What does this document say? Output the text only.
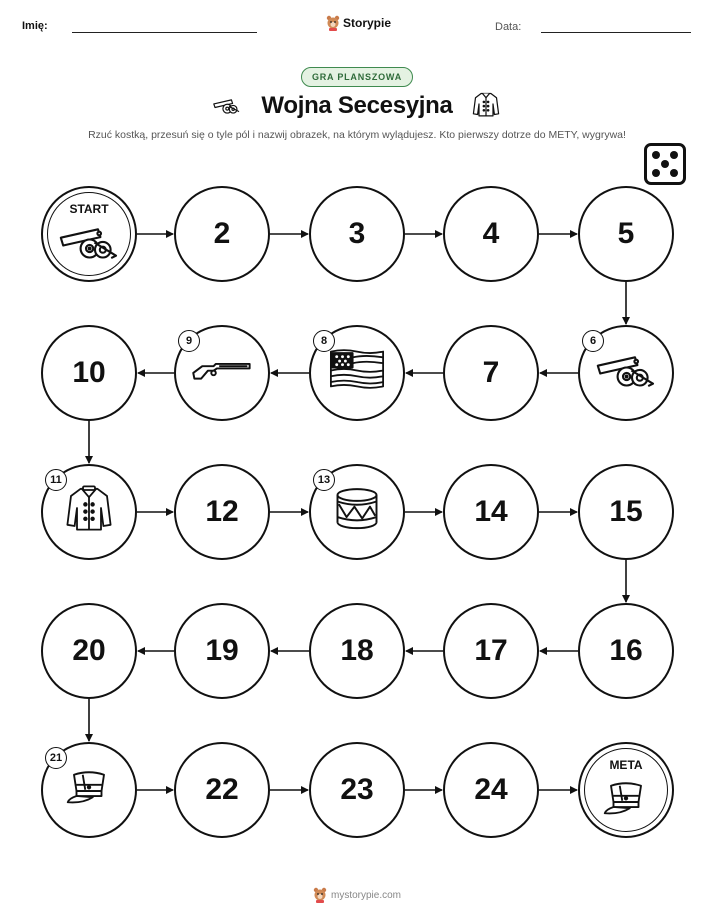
Imię:	Storypie	Data:
GRA PLANSZOWA
Wojna Secesyjna
Rzuć kostką, przesuń się o tyle pól i nazwij obrazek, na którym wylądujesz. Kto pierwszy dotrze do METY, wygrywa!
START
2	3	4	5
6
7
8
9
10
11
12
13
14	15
16
17
18
19
20
21
22	23	24
META
mystorypie.com
